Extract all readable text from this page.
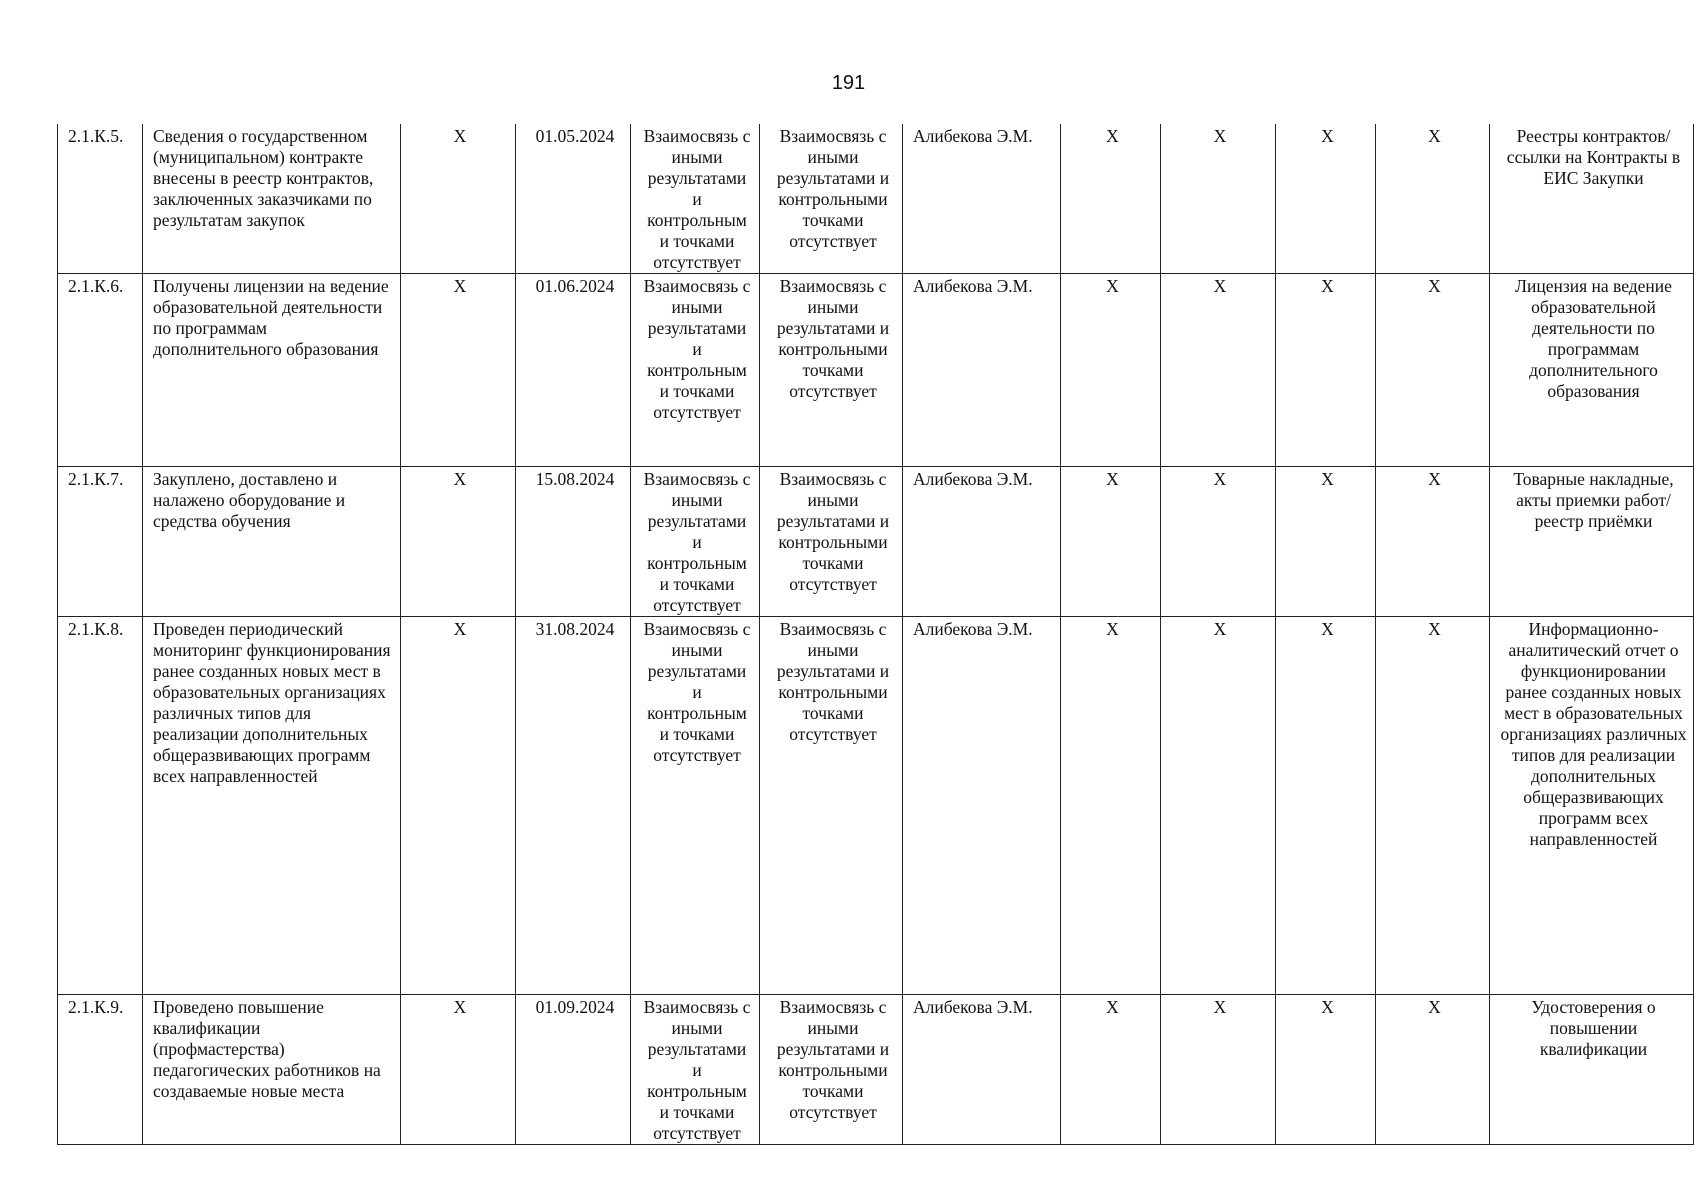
191
2.1.К.5.	Сведения о государственном (муниципальном) контракте внесены в реестр контрактов, заключенных заказчиками по результатам закупок	X	01.05.2024	Взаимосвязь с иными результатами и контрольным и точками отсутствует	Взаимосвязь с иными результатами и контрольными точками отсутствует	Алибекова Э.М.	X	X	X	X	Реестры контрактов/ ссылки на Контракты в ЕИС Закупки
2.1.К.6.	Получены лицензии на ведение образовательной деятельности по программам дополнительного образования	X	01.06.2024	Взаимосвязь с иными результатами и контрольным и точками отсутствует	Взаимосвязь с иными результатами и контрольными точками отсутствует	Алибекова Э.М.	X	X	X	X	Лицензия на ведение образовательной деятельности по программам дополнительного образования
2.1.К.7.	Закуплено, доставлено и налажено оборудование и средства обучения	X	15.08.2024	Взаимосвязь с иными результатами и контрольным и точками отсутствует	Взаимосвязь с иными результатами и контрольными точками отсутствует	Алибекова Э.М.	X	X	X	X	Товарные накладные, акты приемки работ/реестр приёмки
2.1.К.8.	Проведен периодический мониторинг функционирования ранее созданных новых мест в образовательных организациях различных типов для реализации дополнительных общеразвивающих программ всех направленностей	X	31.08.2024	Взаимосвязь с иными результатами и контрольным и точками отсутствует	Взаимосвязь с иными результатами и контрольными точками отсутствует	Алибекова Э.М.	X	X	X	X	Информационно-аналитический отчет о функционировании ранее созданных новых мест в образовательных организациях различных типов для реализации дополнительных общеразвивающих программ всех направленностей
2.1.К.9.	Проведено повышение квалификации (профмастерства) педагогических работников на создаваемые новые места	X	01.09.2024	Взаимосвязь с иными результатами и контрольным и точками отсутствует	Взаимосвязь с иными результатами и контрольными точками отсутствует	Алибекова Э.М.	X	X	X	X	Удостоверения о повышении квалификации
